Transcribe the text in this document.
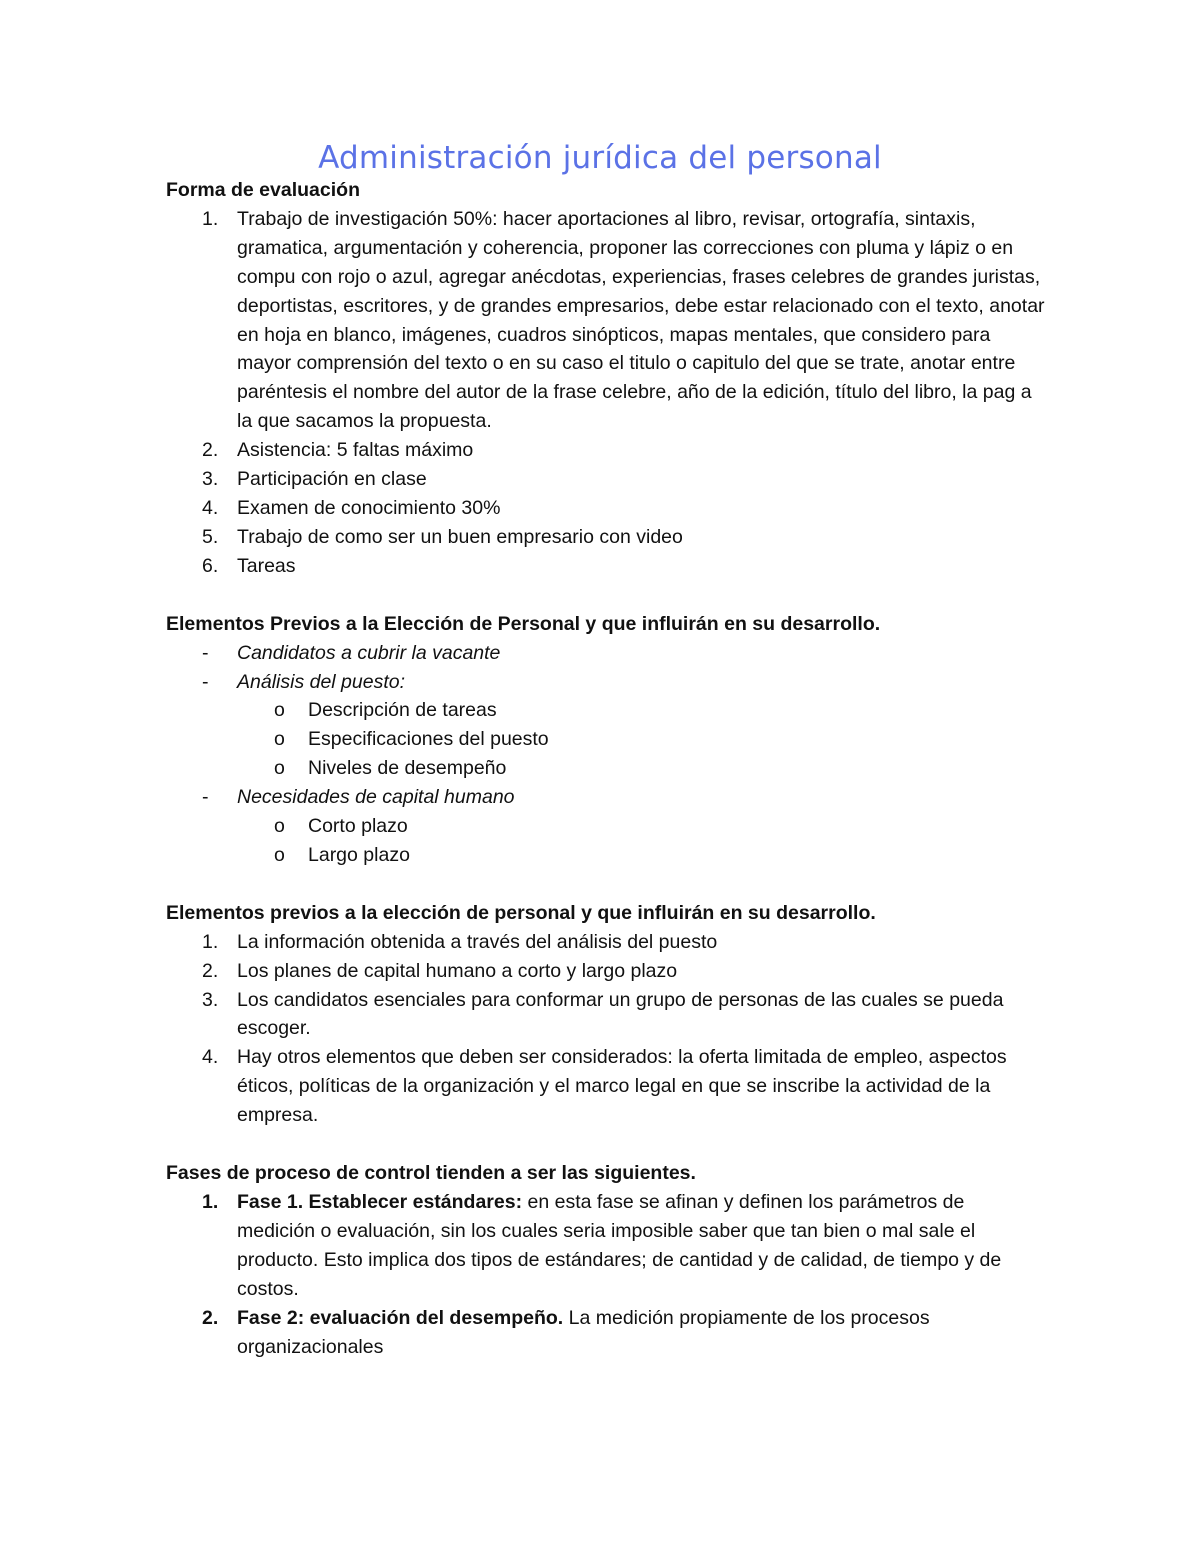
Administración jurídica del personal

Forma de evaluación

1. Trabajo de investigación 50%: hacer aportaciones al libro, revisar, ortografía, sintaxis, gramatica, argumentación y coherencia, proponer las correcciones con pluma y lápiz o en compu con rojo o azul, agregar anécdotas, experiencias, frases celebres de grandes juristas, deportistas, escritores, y de grandes empresarios, debe estar relacionado con el texto, anotar en hoja en blanco, imágenes, cuadros sinópticos, mapas mentales, que considero para mayor comprensión del texto o en su caso el titulo o capitulo del que se trate, anotar entre paréntesis el nombre del autor de la frase celebre, año de la edición, título del libro, la pag a la que sacamos la propuesta.
2. Asistencia: 5 faltas máximo
3. Participación en clase
4. Examen de conocimiento 30%
5. Trabajo de como ser un buen empresario con video
6. Tareas

Elementos Previos a la Elección de Personal y que influirán en su desarrollo.

- Candidatos a cubrir la vacante
- Análisis del puesto:
o Descripción de tareas
o Especificaciones del puesto
o Niveles de desempeño
- Necesidades de capital humano
o Corto plazo
o Largo plazo

Elementos previos a la elección de personal y que influirán en su desarrollo.

1. La información obtenida a través del análisis del puesto
2. Los planes de capital humano a corto y largo plazo
3. Los candidatos esenciales para conformar un grupo de personas de las cuales se pueda escoger.
4. Hay otros elementos que deben ser considerados: la oferta limitada de empleo, aspectos éticos, políticas de la organización y el marco legal en que se inscribe la actividad de la empresa.

Fases de proceso de control tienden a ser las siguientes.

1. Fase 1. Establecer estándares: en esta fase se afinan y definen los parámetros de medición o evaluación, sin los cuales seria imposible saber que tan bien o mal sale el producto. Esto implica dos tipos de estándares; de cantidad y de calidad, de tiempo y de costos.
2. Fase 2: evaluación del desempeño. La medición propiamente de los procesos organizacionales
